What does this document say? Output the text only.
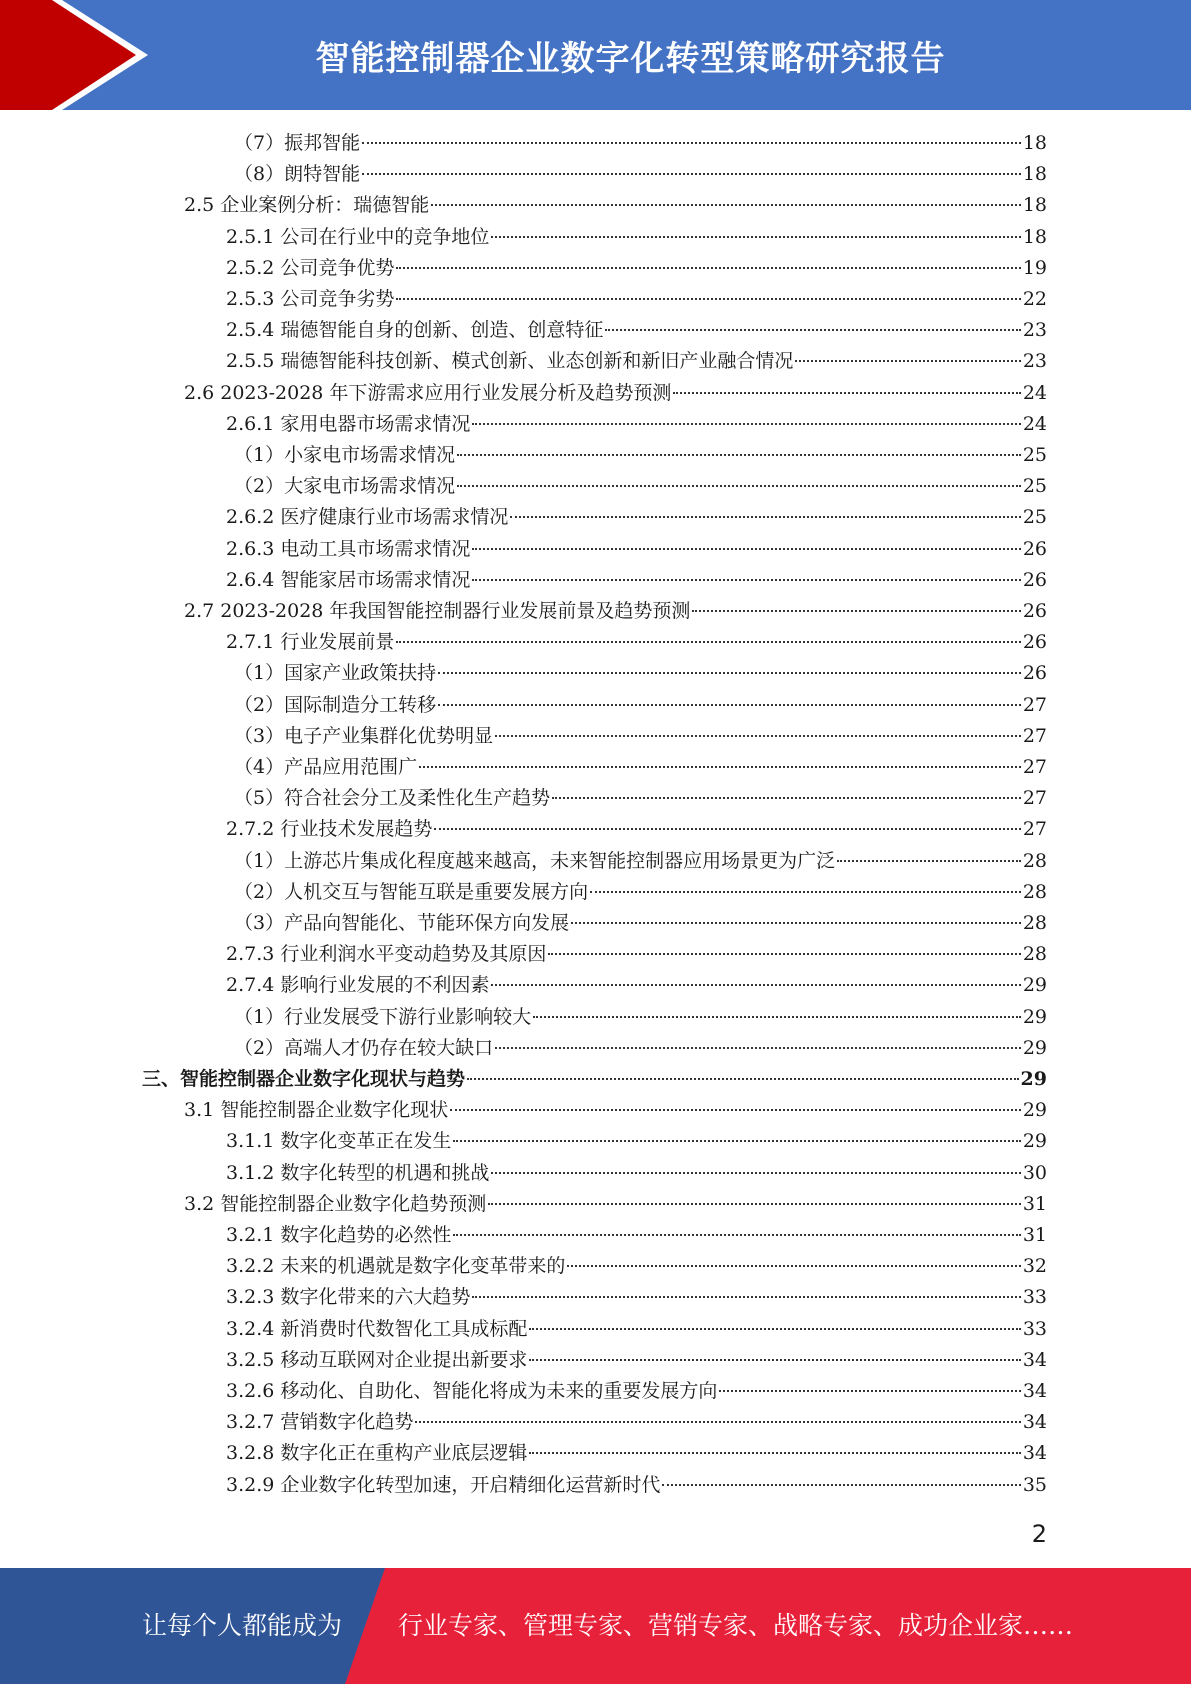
智能控制器企业数字化转型策略研究报告
（7）振邦智能	18
（8）朗特智能	18
2.5 企业案例分析：瑞德智能	18
2.5.1 公司在行业中的竞争地位	18
2.5.2 公司竞争优势	19
2.5.3 公司竞争劣势	22
2.5.4 瑞德智能自身的创新、创造、创意特征	23
2.5.5 瑞德智能科技创新、模式创新、业态创新和新旧产业融合情况	23
2.6 2023-2028 年下游需求应用行业发展分析及趋势预测	24
2.6.1 家用电器市场需求情况	24
（1）小家电市场需求情况	25
（2）大家电市场需求情况	25
2.6.2 医疗健康行业市场需求情况	25
2.6.3 电动工具市场需求情况	26
2.6.4 智能家居市场需求情况	26
2.7 2023-2028 年我国智能控制器行业发展前景及趋势预测	26
2.7.1 行业发展前景	26
（1）国家产业政策扶持	26
（2）国际制造分工转移	27
（3）电子产业集群化优势明显	27
（4）产品应用范围广	27
（5）符合社会分工及柔性化生产趋势	27
2.7.2 行业技术发展趋势	27
（1）上游芯片集成化程度越来越高，未来智能控制器应用场景更为广泛	28
（2）人机交互与智能互联是重要发展方向	28
（3）产品向智能化、节能环保方向发展	28
2.7.3 行业利润水平变动趋势及其原因	28
2.7.4 影响行业发展的不利因素	29
（1）行业发展受下游行业影响较大	29
（2）高端人才仍存在较大缺口	29
三、智能控制器企业数字化现状与趋势	29
3.1 智能控制器企业数字化现状	29
3.1.1 数字化变革正在发生	29
3.1.2 数字化转型的机遇和挑战	30
3.2 智能控制器企业数字化趋势预测	31
3.2.1 数字化趋势的必然性	31
3.2.2 未来的机遇就是数字化变革带来的	32
3.2.3 数字化带来的六大趋势	33
3.2.4 新消费时代数智化工具成标配	33
3.2.5 移动互联网对企业提出新要求	34
3.2.6 移动化、自助化、智能化将成为未来的重要发展方向	34
3.2.7 营销数字化趋势	34
3.2.8 数字化正在重构产业底层逻辑	34
3.2.9 企业数字化转型加速，开启精细化运营新时代	35
2
让每个人都能成为 行业专家、管理专家、营销专家、战略专家、成功企业家……
